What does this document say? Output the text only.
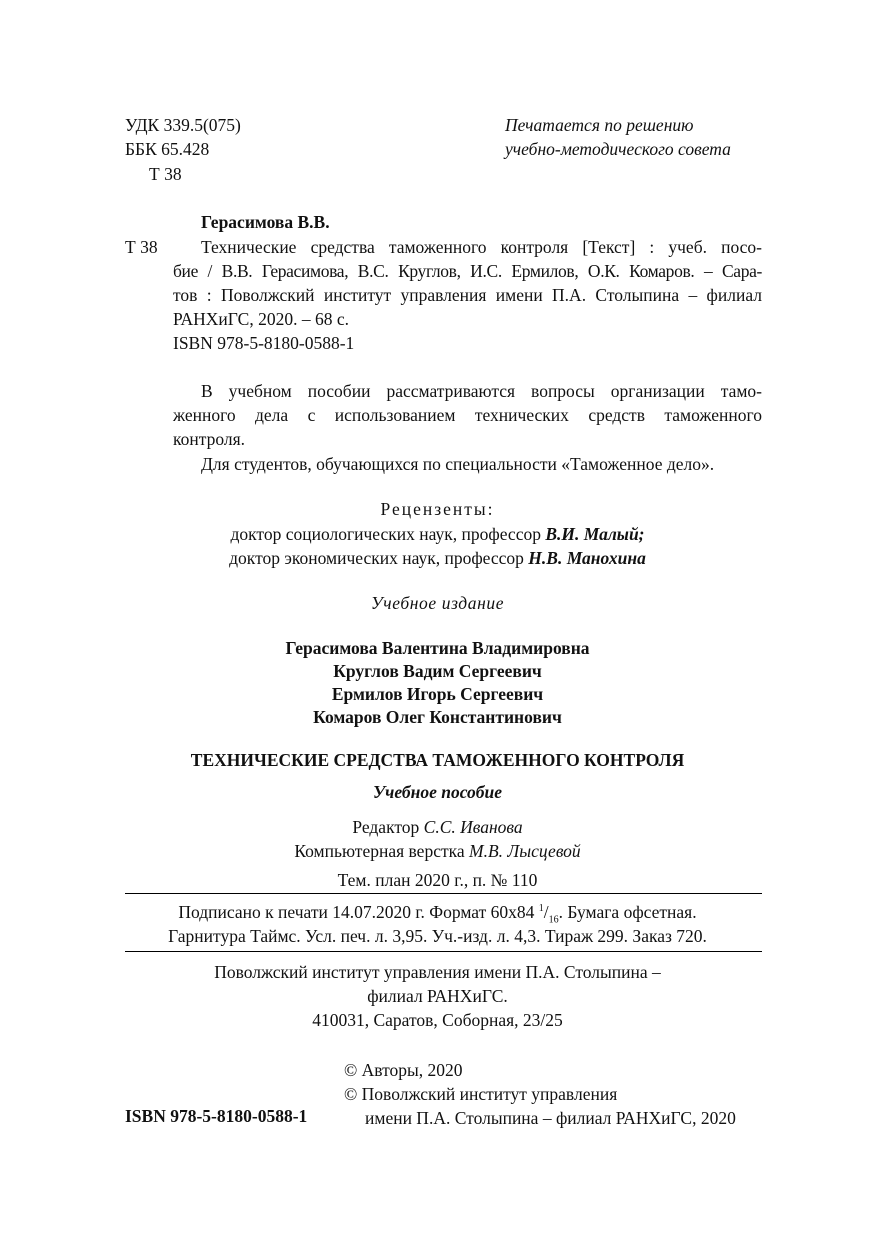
УДК 339.5(075)
ББК 65.428
Т 38
Печатается по решению
учебно-методического совета
Герасимова В.В.
Т 38 Технические средства таможенного контроля [Текст] : учеб. посо-
бие / В.В. Герасимова, В.С. Круглов, И.С. Ермилов, О.К. Комаров. – Сара-
тов : Поволжский институт управления имени П.А. Столыпина – филиал
РАНХиГС, 2020. – 68 с.
ISBN 978-5-8180-0588-1
В учебном пособии рассматриваются вопросы организации тамо-
женного дела с использованием технических средств таможенного
контроля.
Для студентов, обучающихся по специальности «Таможенное дело».
Рецензенты:
доктор социологических наук, профессор В.И. Малый;
доктор экономических наук, профессор Н.В. Манохина
Учебное издание
Герасимова Валентина Владимировна
Круглов Вадим Сергеевич
Ермилов Игорь Сергеевич
Комаров Олег Константинович
ТЕХНИЧЕСКИЕ СРЕДСТВА ТАМОЖЕННОГО КОНТРОЛЯ
Учебное пособие
Редактор С.С. Иванова
Компьютерная верстка М.В. Лысцевой
Тем. план 2020 г., п. № 110
Подписано к печати 14.07.2020 г. Формат 60х84 $^1/_{16}$. Бумага офсетная.
Гарнитура Таймс. Усл. печ. л. 3,95. Уч.-изд. л. 4,3. Тираж 299. Заказ 720.
Поволжский институт управления имени П.А. Столыпина –
филиал РАНХиГС.
410031, Саратов, Соборная, 23/25
© Авторы, 2020
© Поволжский институт управления
имени П.А. Столыпина – филиал РАНХиГС, 2020
ISBN 978-5-8180-0588-1
